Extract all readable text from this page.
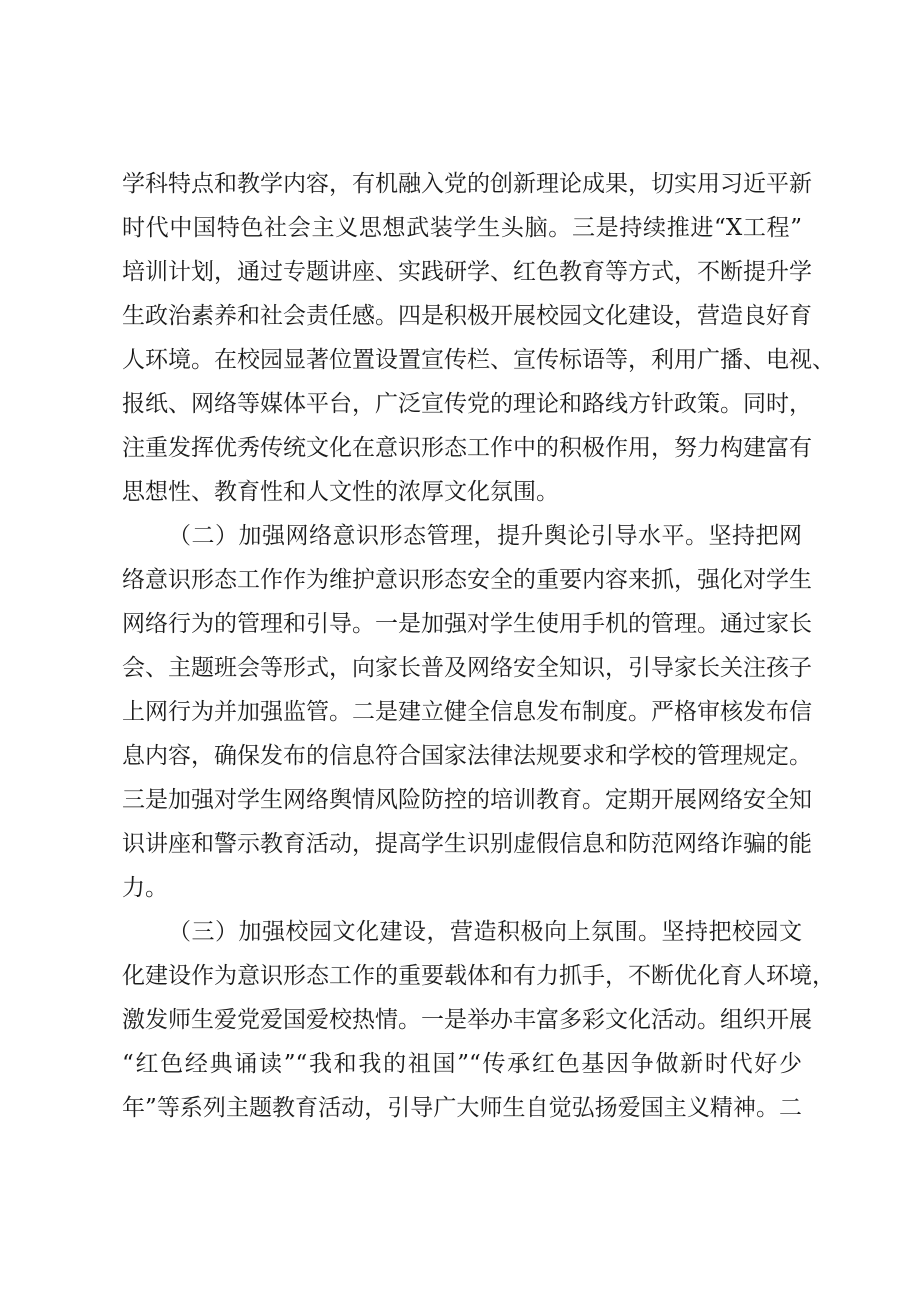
学科特点和教学内容，有机融入党的创新理论成果，切实用习近平新
时代中国特色社会主义思想武装学生头脑。三是持续推进“X工程”
培训计划，通过专题讲座、实践研学、红色教育等方式，不断提升学
生政治素养和社会责任感。四是积极开展校园文化建设，营造良好育
人环境。在校园显著位置设置宣传栏、宣传标语等，利用广播、电视、
报纸、网络等媒体平台，广泛宣传党的理论和路线方针政策。同时，
注重发挥优秀传统文化在意识形态工作中的积极作用，努力构建富有
思想性、教育性和人文性的浓厚文化氛围。
（二）加强网络意识形态管理，提升舆论引导水平。坚持把网
络意识形态工作作为维护意识形态安全的重要内容来抓，强化对学生
网络行为的管理和引导。一是加强对学生使用手机的管理。通过家长
会、主题班会等形式，向家长普及网络安全知识，引导家长关注孩子
上网行为并加强监管。二是建立健全信息发布制度。严格审核发布信
息内容，确保发布的信息符合国家法律法规要求和学校的管理规定。
三是加强对学生网络舆情风险防控的培训教育。定期开展网络安全知
识讲座和警示教育活动，提高学生识别虚假信息和防范网络诈骗的能
力。
（三）加强校园文化建设，营造积极向上氛围。坚持把校园文
化建设作为意识形态工作的重要载体和有力抓手，不断优化育人环境，
激发师生爱党爱国爱校热情。一是举办丰富多彩文化活动。组织开展
“红色经典诵读”“我和我的祖国”“传承红色基因争做新时代好少
年”等系列主题教育活动，引导广大师生自觉弘扬爱国主义精神。二
